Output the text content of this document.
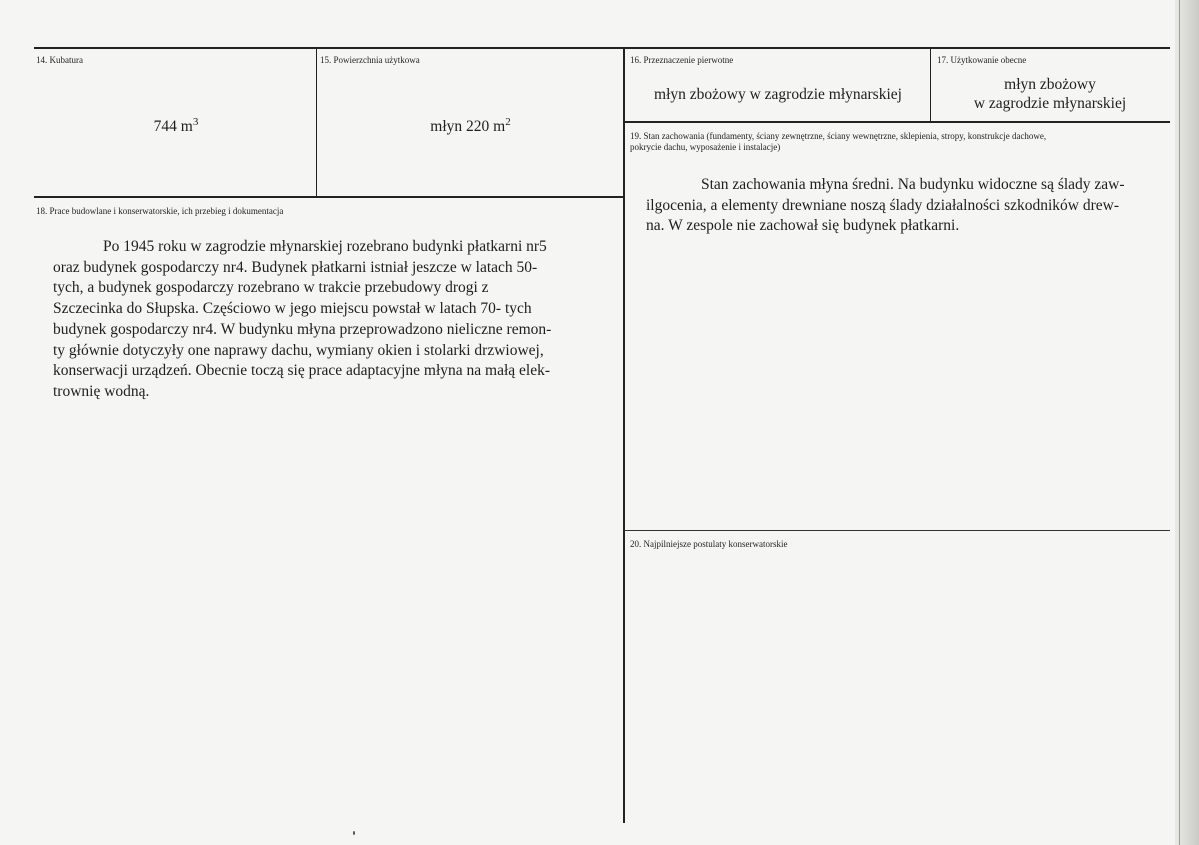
14. Kubatura
744 $m^3$
15. Powierzchnia użytkowa
młyn 220 $m^2$
16. Przeznaczenie pierwotne
młyn zbożowy w zagrodzie młynarskiej
17. Użytkowanie obecne
młyn zbożowy
w zagrodzie młynarskiej
18. Prace budowlane i konserwatorskie, ich przebieg i dokumentacja
Po 1945 roku w zagrodzie młynarskiej rozebrano budynki płatkarni nr5
oraz budynek gospodarczy nr4. Budynek płatkarni istniał jeszcze w latach 50-
tych, a budynek gospodarczy rozebrano w trakcie przebudowy drogi z
Szczecinka do Słupska. Częściowo w jego miejscu powstał w latach 70- tych
budynek gospodarczy nr4. W budynku młyna przeprowadzono nieliczne remon-
ty głównie dotyczyły one naprawy dachu, wymiany okien i stolarki drzwiowej,
konserwacji urządzeń. Obecnie toczą się prace adaptacyjne młyna na małą elek-
trownię wodną.
19. Stan zachowania (fundamenty, ściany zewnętrzne, ściany wewnętrzne, sklepienia, stropy, konstrukcje dachowe,
pokrycie dachu, wyposażenie i instalacje)
Stan zachowania młyna średni. Na budynku widoczne są ślady zaw-
ilgocenia, a elementy drewniane noszą ślady działalności szkodników drew-
na. W zespole nie zachował się budynek płatkarni.
20. Najpilniejsze postulaty konserwatorskie
